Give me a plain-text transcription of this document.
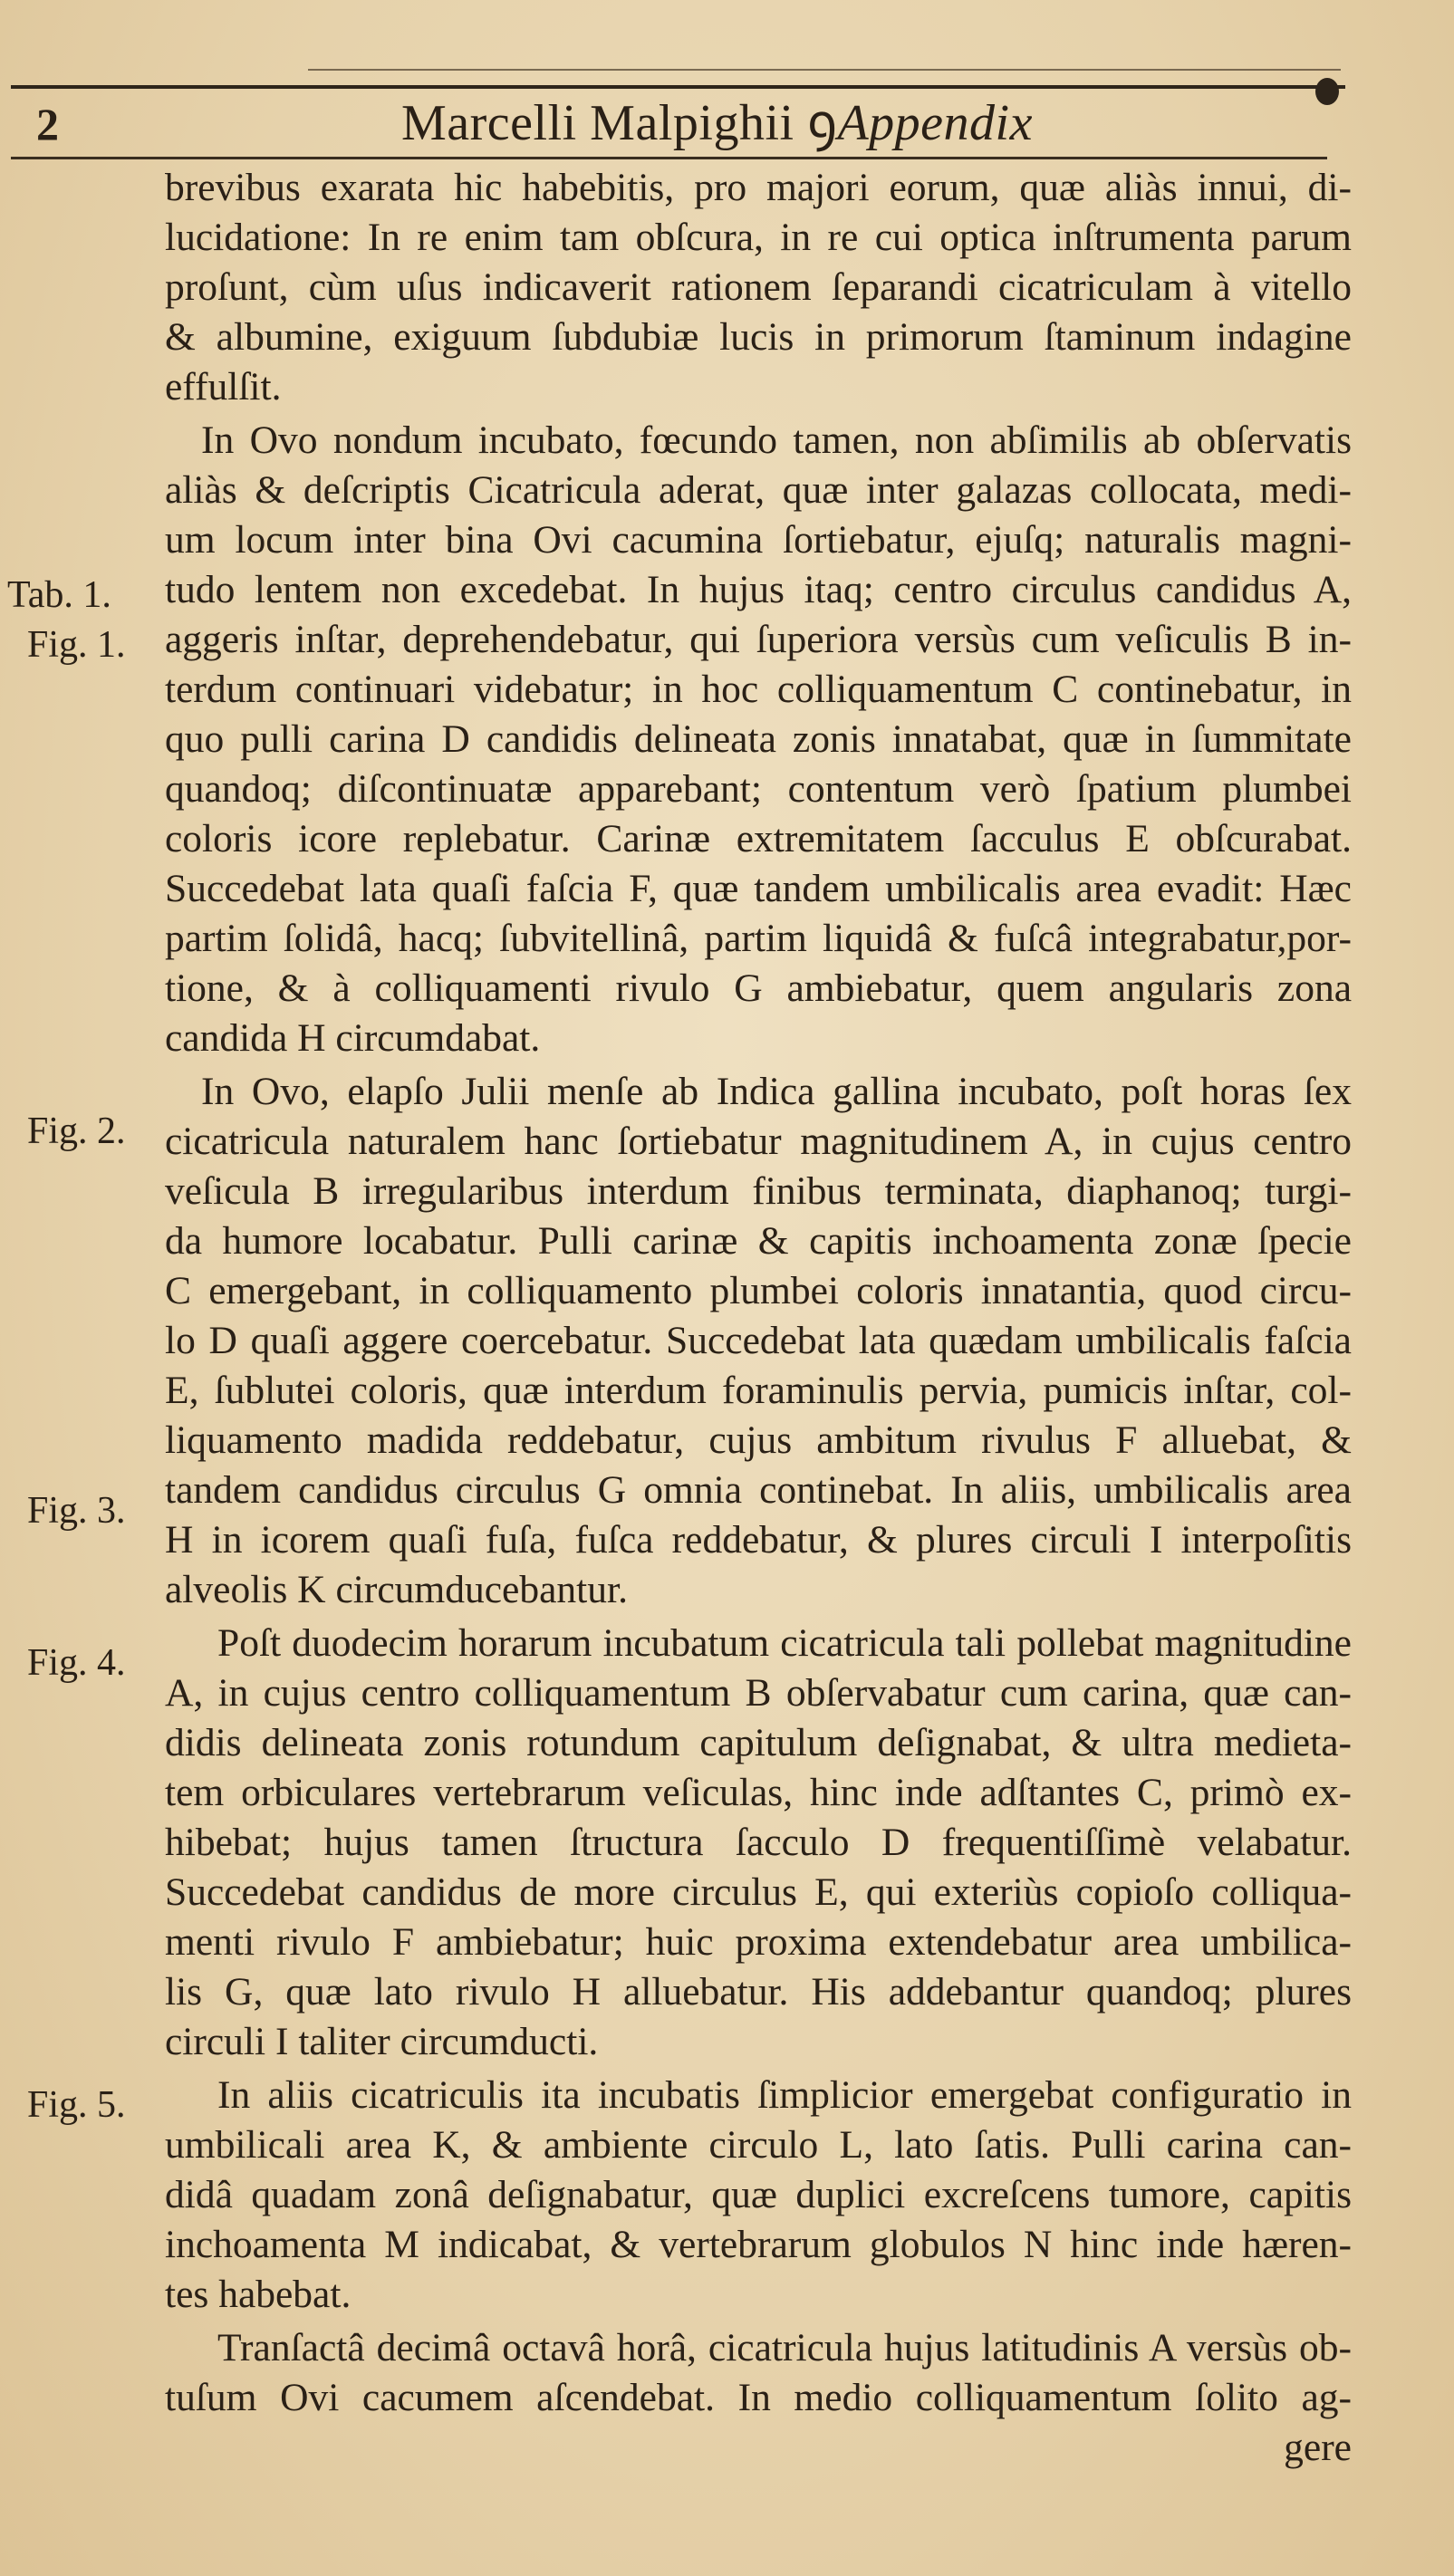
2	Marcelli Malpighii ꝯAppendix
Tab. 1.
Fig. 1.
Fig. 2.
Fig. 3.
Fig. 4.
Fig. 5.
brevibus exarata hic habebitis, pro majori eorum, quæ aliàs innui, di-
lucidatione: In re enim tam obſcura, in re cui optica inſtrumenta parum
proſunt, cùm uſus indicaverit rationem ſeparandi cicatriculam à vitello
& albumine, exiguum ſubdubiæ lucis in primorum ſtaminum indagine
effulſit.
In Ovo nondum incubato, fœcundo tamen, non abſimilis ab obſervatis
aliàs & deſcriptis Cicatricula aderat, quæ inter galazas collocata, medi-
um locum inter bina Ovi cacumina ſortiebatur, ejuſq; naturalis magni-
tudo lentem non excedebat. In hujus itaq; centro circulus candidus A,
aggeris inſtar, deprehendebatur, qui ſuperiora versùs cum veſiculis B in-
terdum continuari videbatur; in hoc colliquamentum C continebatur, in
quo pulli carina D candidis delineata zonis innatabat, quæ in ſummitate
quandoq; diſcontinuatæ apparebant; contentum verò ſpatium plumbei
coloris icore replebatur. Carinæ extremitatem ſacculus E obſcurabat.
Succedebat lata quaſi faſcia F, quæ tandem umbilicalis area evadit: Hæc
partim ſolidâ, hacq; ſubvitellinâ, partim liquidâ & fuſcâ integrabatur,por-
tione, & à colliquamenti rivulo G ambiebatur, quem angularis zona
candida H circumdabat.
In Ovo, elapſo Julii menſe ab Indica gallina incubato, poſt horas ſex
cicatricula naturalem hanc ſortiebatur magnitudinem A, in cujus centro
veſicula B irregularibus interdum finibus terminata, diaphanoq; turgi-
da humore locabatur. Pulli carinæ & capitis inchoamenta zonæ ſpecie
C emergebant, in colliquamento plumbei coloris innatantia, quod circu-
lo D quaſi aggere coercebatur. Succedebat lata quædam umbilicalis faſcia
E, ſublutei coloris, quæ interdum foraminulis pervia, pumicis inſtar, col-
liquamento madida reddebatur, cujus ambitum rivulus F alluebat, &
tandem candidus circulus G omnia continebat. In aliis, umbilicalis area
H in icorem quaſi fuſa, fuſca reddebatur, & plures circuli I interpoſitis
alveolis K circumducebantur.
Poſt duodecim horarum incubatum cicatricula tali pollebat magnitudine
A, in cujus centro colliquamentum B obſervabatur cum carina, quæ can-
didis delineata zonis rotundum capitulum deſignabat, & ultra medieta-
tem orbiculares vertebrarum veſiculas, hinc inde adſtantes C, primò ex-
hibebat; hujus tamen ſtructura ſacculo D frequentiſſimè velabatur.
Succedebat candidus de more circulus E, qui exteriùs copioſo colliqua-
menti rivulo F ambiebatur; huic proxima extendebatur area umbilica-
lis G, quæ lato rivulo H alluebatur. His addebantur quandoq; plures
circuli I taliter circumducti.
In aliis cicatriculis ita incubatis ſimplicior emergebat configuratio in
umbilicali area K, & ambiente circulo L, lato ſatis. Pulli carina can-
didâ quadam zonâ deſignabatur, quæ duplici excreſcens tumore, capitis
inchoamenta M indicabat, & vertebrarum globulos N hinc inde hæren-
tes habebat.
Tranſactâ decimâ octavâ horâ, cicatricula hujus latitudinis A versùs ob-
tuſum Ovi cacumem aſcendebat. In medio colliquamentum ſolito ag-
gere
